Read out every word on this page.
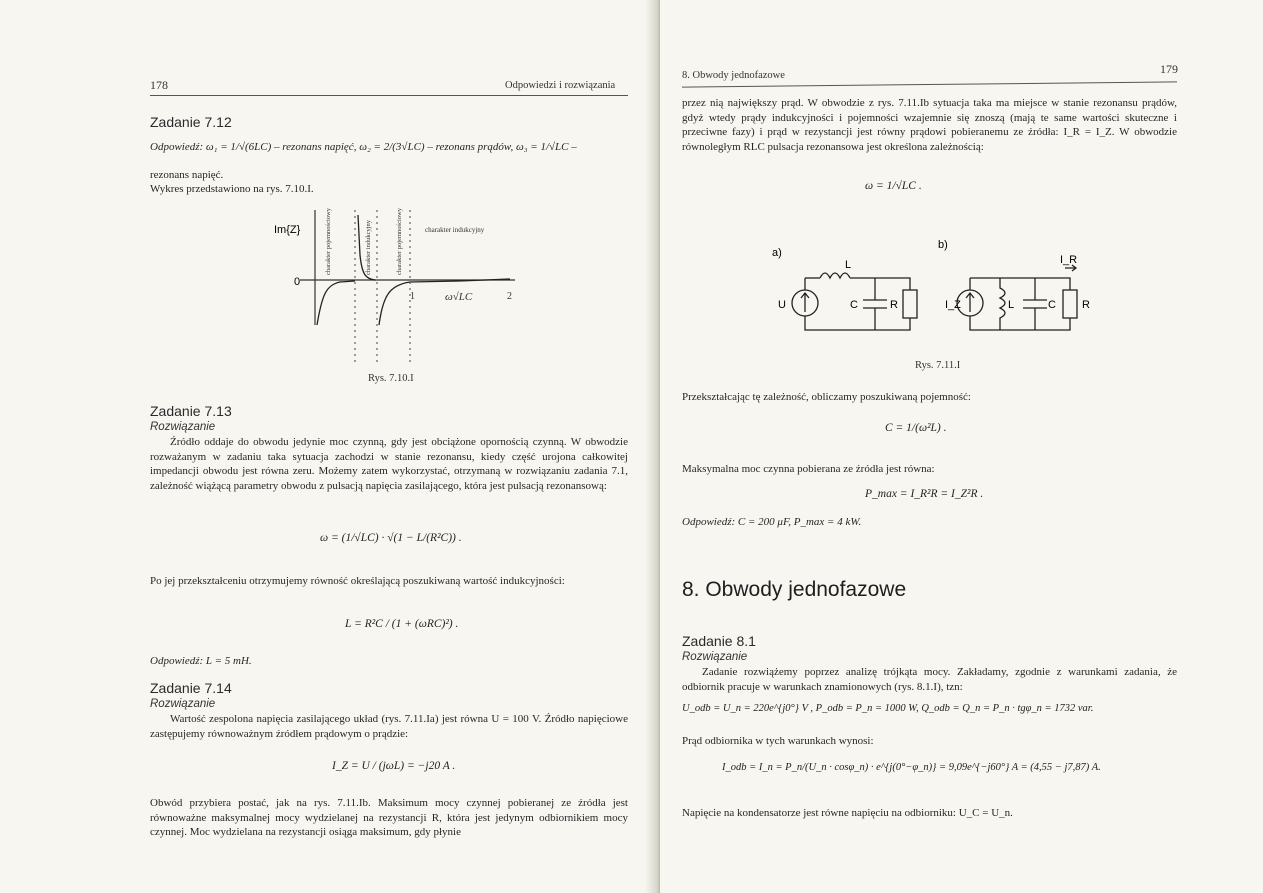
178	Odpowiedzi i rozwiązania
Zadanie 7.12
Odpowiedź: ω₁ = 1/√(6LC) – rezonans napięć, ω₂ = 2/(3√LC) – rezonans prądów, ω₃ = 1/√LC –
rezonans napięć.
Wykres przedstawiono na rys. 7.10.I.
Im{Z}
0
charakter pojemnościowy	charakter indukcyjny	charakter pojemnościowy	charakter indukcyjny
1	2
ω√LC
Rys. 7.10.I
Zadanie 7.13
Rozwiązanie
Źródło oddaje do obwodu jedynie moc czynną, gdy jest obciążone opornością czynną. W obwodzie rozważanym w zadaniu taka sytuacja zachodzi w stanie rezonansu, kiedy część urojona całkowitej impedancji obwodu jest równa zeru. Możemy zatem wykorzystać, otrzymaną w rozwiązaniu zadania 7.1, zależność wiążącą parametry obwodu z pulsacją napięcia zasilającego, która jest pulsacją rezonansową:
ω = (1/√LC) · √(1 − L/(R²C)) .
Po jej przekształceniu otrzymujemy równość określającą poszukiwaną wartość indukcyjności:
L = R²C / (1 + (ωRC)²) .
Odpowiedź: L = 5 mH.
Zadanie 7.14
Rozwiązanie
Wartość zespolona napięcia zasilającego układ (rys. 7.11.Ia) jest równa U = 100 V. Źródło napięciowe zastępujemy równoważnym źródłem prądowym o prądzie:
I_Z = U / (jωL) = −j20 A .
Obwód przybiera postać, jak na rys. 7.11.Ib. Maksimum mocy czynnej pobieranej ze źródła jest równoważne maksymalnej mocy wydzielanej na rezystancji R, która jest jedynym odbiornikiem mocy czynnej. Moc wydzielana na rezystancji osiąga maksimum, gdy płynie
8. Obwody jednofazowe	179
przez nią największy prąd. W obwodzie z rys. 7.11.Ib sytuacja taka ma miejsce w stanie rezonansu prądów, gdyż wtedy prądy indukcyjności i pojemności wzajemnie się znoszą (mają te same wartości skuteczne i przeciwne fazy) i prąd w rezystancji jest równy prądowi pobieranemu ze źródła: I_R = I_Z. W obwodzie równoległym RLC pulsacja rezonansowa jest określona zależnością:
ω = 1/√LC .
a)
b)
L
U	C	R	I_Z
I_R
L	C R
Rys. 7.11.I
Przekształcając tę zależność, obliczamy poszukiwaną pojemność:
C = 1/(ω²L) .
Maksymalna moc czynna pobierana ze źródła jest równa:
P_max = I_R²R = I_Z²R .
Odpowiedź: C = 200 μF, P_max = 4 kW.
8. Obwody jednofazowe
Zadanie 8.1
Rozwiązanie
Zadanie rozwiążemy poprzez analizę trójkąta mocy. Zakładamy, zgodnie z warunkami zadania, że odbiornik pracuje w warunkach znamionowych (rys. 8.1.I), tzn:
U_odb = U_n = 220e^{j0°} V , P_odb = P_n = 1000 W, Q_odb = Q_n = P_n · tgφ_n = 1732 var.
Prąd odbiornika w tych warunkach wynosi:
I_odb = I_n = P_n/(U_n · cosφ_n) · e^{j(0°−φ_n)} = 9,09e^{−j60°} A = (4,55 − j7,87) A.
Napięcie na kondensatorze jest równe napięciu na odbiorniku: U_C = U_n.
